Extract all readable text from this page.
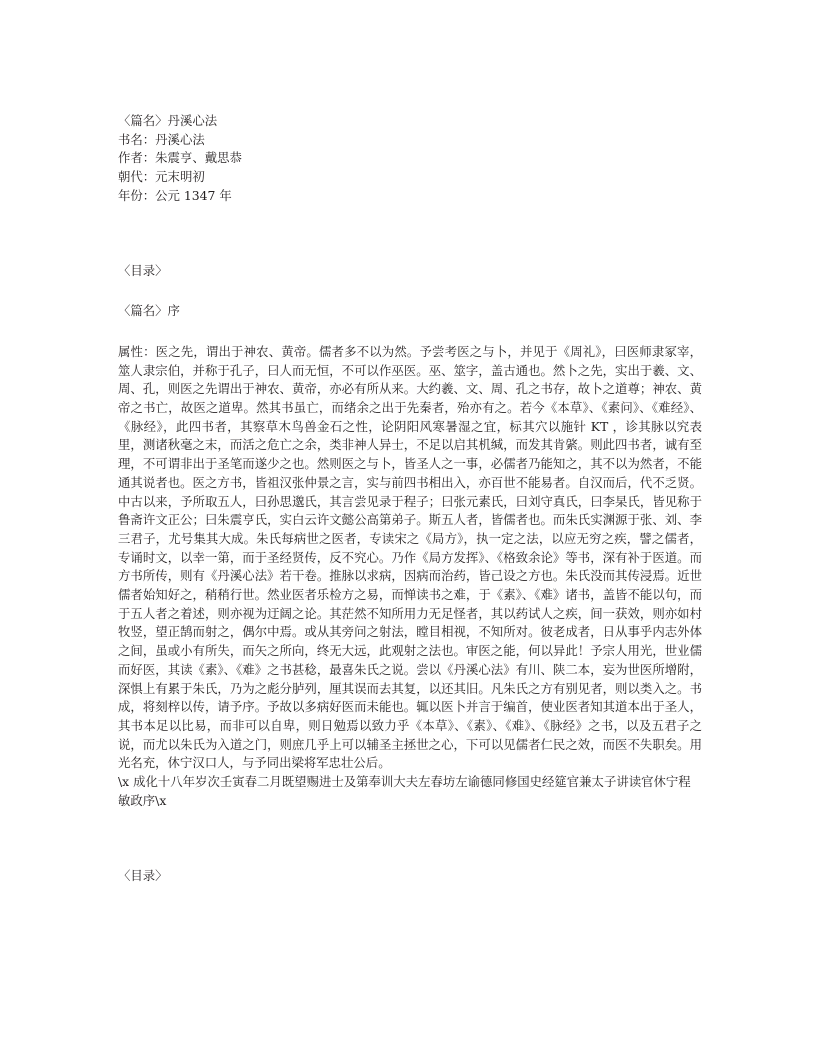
〈篇名〉丹溪心法
书名：丹溪心法
作者：朱震亨、戴思恭
朝代：元末明初
年份：公元 1347 年
〈目录〉
〈篇名〉序
属性：医之先，谓出于神农、黄帝。儒者多不以为然。予尝考医之与卜，并见于《周礼》，曰医师隶冢宰，筮人隶宗伯，并称于孔子，曰人而无恒，不可以作巫医。巫、筮字，盖古通也。然卜之先，实出于羲、文、周、孔，则医之先谓出于神农、黄帝，亦必有所从来。大约羲、文、周、孔之书存，故卜之道尊；神农、黄帝之书亡，故医之道卑。然其书虽亡，而绪余之出于先秦者，殆亦有之。若今《本草》、《素问》、《难经》、《脉经》，此四书者，其察草木鸟兽金石之性，论阴阳风寒暑湿之宜，标其穴以施针 KT ，诊其脉以究表里，测诸秋毫之末，而活之危亡之余，类非神人异士，不足以启其机缄，而发其肯綮。则此四书者，诚有至理，不可谓非出于圣笔而遂少之也。然则医之与卜，皆圣人之一事，必儒者乃能知之，其不以为然者，不能通其说者也。医之方书，皆祖汉张仲景之言，实与前四书相出入，亦百世不能易者。自汉而后，代不乏贤。中古以来，予所取五人，曰孙思邈氏，其言尝见录于程子；曰张元素氏，曰刘守真氏，曰李杲氏，皆见称于鲁斋许文正公；曰朱震亨氏，实白云许文懿公高第弟子。斯五人者，皆儒者也。而朱氏实渊源于张、刘、李三君子，尤号集其大成。朱氏每病世之医者，专读宋之《局方》，执一定之法，以应无穷之疾，譬之儒者，专诵时文，以幸一第，而于圣经贤传，反不究心。乃作《局方发挥》、《格致余论》等书，深有补于医道。而方书所传，则有《丹溪心法》若干卷。推脉以求病，因病而治药，皆己设之方也。朱氏没而其传浸焉。近世儒者始知好之，稍稍行世。然业医者乐检方之易，而惮读书之难，于《素》、《难》诸书，盖皆不能以句，而于五人者之着述，则亦视为迂阔之论。其茫然不知所用力无足怪者，其以药试人之疾，间一获效，则亦如村 牧竖，望正鹄而射之，偶尔中焉。或从其旁问之射法，瞠目相视，不知所对。彼老成者，日从事乎内志外体之间，虽或小有所失，而矢之所向，终无大远，此观射之法也。审医之能，何以异此！予宗人用光，世业儒而好医，其读《素》、《难》之书甚稔，最喜朱氏之说。尝以《丹溪心法》有川、陕二本，妄为世医所增附，深惧上有累于朱氏，乃为之彪分胪列，厘其误而去其复，以还其旧。凡朱氏之方有别见者，则以类入之。书成，将刻梓以传，请予序。予故以多病好医而未能也。辄以医卜并言于编首，使业医者知其道本出于圣人，其书本足以比易，而非可以自卑，则日勉焉以致力乎《本草》、《素》、《难》、《脉经》之书，以及五君子之说，而尤以朱氏为入道之门，则庶几乎上可以辅圣主拯世之心，下可以见儒者仁民之效，而医不失职矣。用光名充，休宁汉口人，与予同出梁将军忠壮公后。
\x 成化十八年岁次壬寅春二月既望赐进士及第奉训大夫左春坊左谕德同修国史经筵官兼太子讲读官休宁程敏政序\x
〈目录〉
